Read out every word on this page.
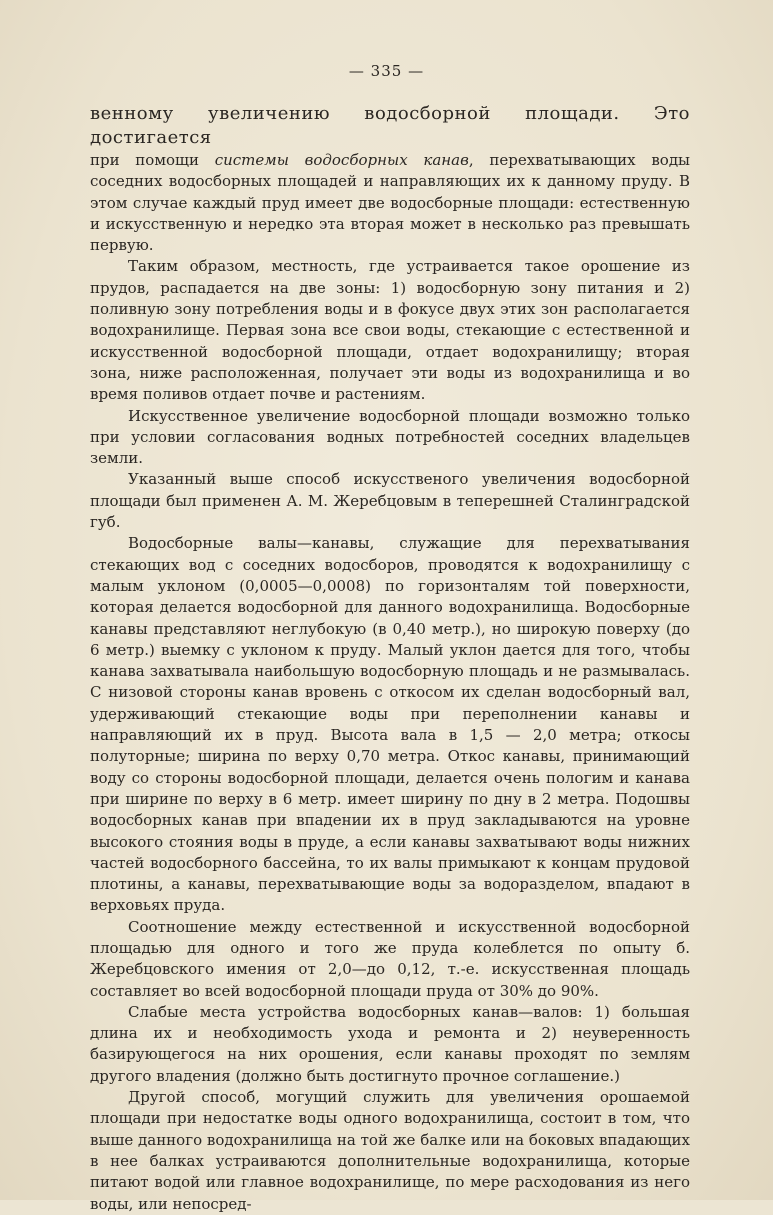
— 335 —

венному увеличению водосборной площади. Это достигается

при помощи системы водосборных канав, перехватывающих воды соседних водосборных площадей и направляющих их к данному пруду. В этом случае каждый пруд имеет две водосборные площади: естественную и искусственную и нередко эта вторая может в несколько раз превышать первую.

Таким образом, местность, где устраивается такое орошение из прудов, распадается на две зоны: 1) водосборную зону питания и 2) поливную зону потребления воды и в фокусе двух этих зон располагается водохранилище. Первая зона все свои воды, стекающие с естественной и искусственной водосборной площади, отдает водохранилищу; вторая зона, ниже расположенная, получает эти воды из водохранилища и во время поливов отдает почве и растениям.

Искусственное увеличение водосборной площади возможно только при условии согласования водных потребностей соседних владельцев земли.

Указанный выше способ искусственого увеличения водосборной площади был применен А. М. Жеребцовым в теперешней Сталинградской губ.

Водосборные валы—канавы, служащие для перехватывания стекающих вод с соседних водосборов, проводятся к водохранилищу с малым уклоном (0,0005—0,0008) по горизонталям той поверхности, которая делается водосборной для данного водохранилища. Водосборные канавы представляют неглубокую (в 0,40 метр.), но широкую поверху (до 6 метр.) выемку с уклоном к пруду. Малый уклон дается для того, чтобы канава захватывала наибольшую водосборную площадь и не размывалась. С низовой стороны канав вровень с откосом их сделан водосборный вал, удерживающий стекающие воды при переполнении канавы и направляющий их в пруд. Высота вала в 1,5 — 2,0 метра; откосы полуторные; ширина по верху 0,70 метра. Откос канавы, принимающий воду со стороны водосборной площади, делается очень пологим и канава при ширине по верху в 6 метр. имеет ширину по дну в 2 метра. Подошвы водосборных канав при впадении их в пруд закладываются на уровне высокого стояния воды в пруде, а если канавы захватывают воды нижних частей водосборного бассейна, то их валы примыкают к концам прудовой плотины, а канавы, перехватывающие воды за водоразделом, впадают в верховьях пруда.

Соотношение между естественной и искусственной водосборной площадью для одного и того же пруда колеблется по опыту б. Жеребцовского имения от 2,0—до 0,12, т.-е. искусственная площадь составляет во всей водосборной площади пруда от 30% до 90%.

Слабые места устройства водосборных канав—валов: 1) большая длина их и необходимость ухода и ремонта и 2) неуверенность базирующегося на них орошения, если канавы проходят по землям другого владения (должно быть достигнуто прочное соглашение.)

Другой способ, могущий служить для увеличения орошаемой площади при недостатке воды одного водохранилища, состоит в том, что выше данного водохранилища на той же балке или на боковых впадающих в нее балках устраиваются дополнительные водохранилища, которые питают водой или главное водохранилище, по мере расходования из него воды, или непосред-
